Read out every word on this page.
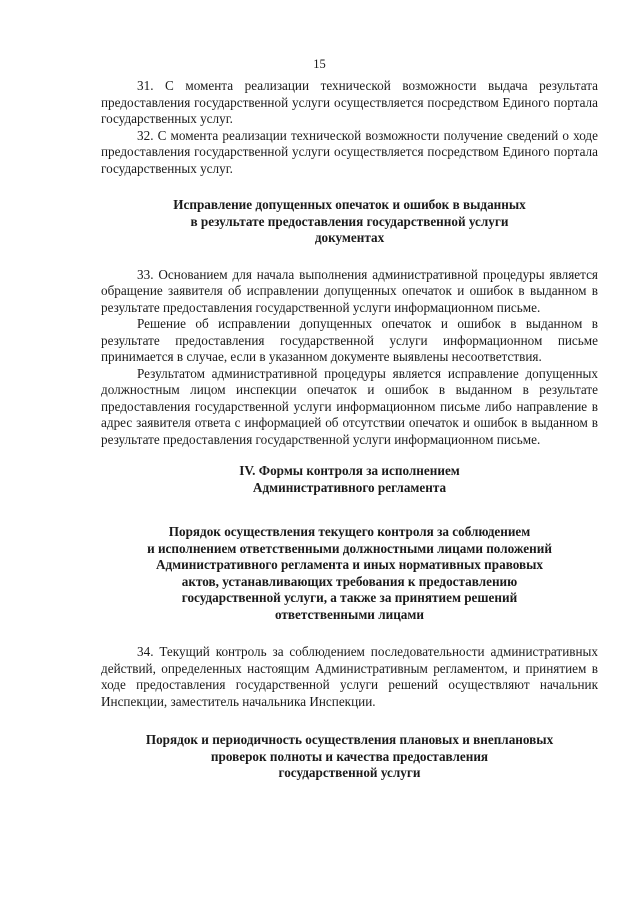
15

31. С момента реализации технической возможности выдача результата предоставления государственной услуги осуществляется посредством Единого портала государственных услуг.

32. С момента реализации технической возможности получение сведений о ходе предоставления государственной услуги осуществляется посредством Единого портала государственных услуг.

Исправление допущенных опечаток и ошибок в выданных
в результате предоставления государственной услуги
документах

33. Основанием для начала выполнения административной процедуры является обращение заявителя об исправлении допущенных опечаток и ошибок в выданном в результате предоставления государственной услуги информационном письме.

Решение об исправлении допущенных опечаток и ошибок в выданном в результате предоставления государственной услуги информационном письме принимается в случае, если в указанном документе выявлены несоответствия.

Результатом административной процедуры является исправление допущенных должностным лицом инспекции опечаток и ошибок в выданном в результате предоставления государственной услуги информационном письме либо направление в адрес заявителя ответа с информацией об отсутствии опечаток и ошибок в выданном в результате предоставления государственной услуги информационном письме.

IV. Формы контроля за исполнением
Административного регламента
Порядок осуществления текущего контроля за соблюдением
и исполнением ответственными должностными лицами положений
Административного регламента и иных нормативных правовых
актов, устанавливающих требования к предоставлению
государственной услуги, а также за принятием решений
ответственными лицами

34. Текущий контроль за соблюдением последовательности административных действий, определенных настоящим Административным регламентом, и принятием в ходе предоставления государственной услуги решений осуществляют начальник Инспекции, заместитель начальника Инспекции.

Порядок и периодичность осуществления плановых и внеплановых
проверок полноты и качества предоставления
государственной услуги
